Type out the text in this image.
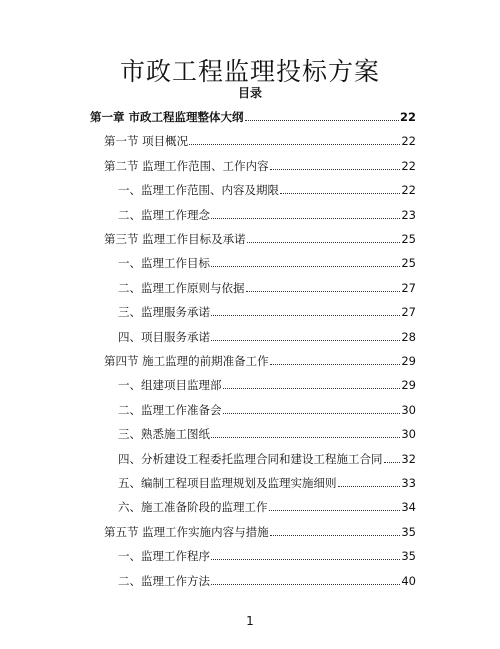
市政工程监理投标方案
目录
第一章 市政工程监理整体大纲	22
第一节 项目概况	22
第二节 监理工作范围、工作内容	22
一、监理工作范围、内容及期限	22
二、监理工作理念	23
第三节 监理工作目标及承诺	25
一、监理工作目标	25
二、监理工作原则与依据	27
三、监理服务承诺	27
四、项目服务承诺	28
第四节 施工监理的前期准备工作	29
一、组建项目监理部	29
二、监理工作准备会	30
三、熟悉施工图纸	30
四、分析建设工程委托监理合同和建设工程施工合同 32
五、编制工程项目监理规划及监理实施细则	33
六、施工准备阶段的监理工作	34
第五节 监理工作实施内容与措施	35
一、监理工作程序	35
二、监理工作方法	40
1
